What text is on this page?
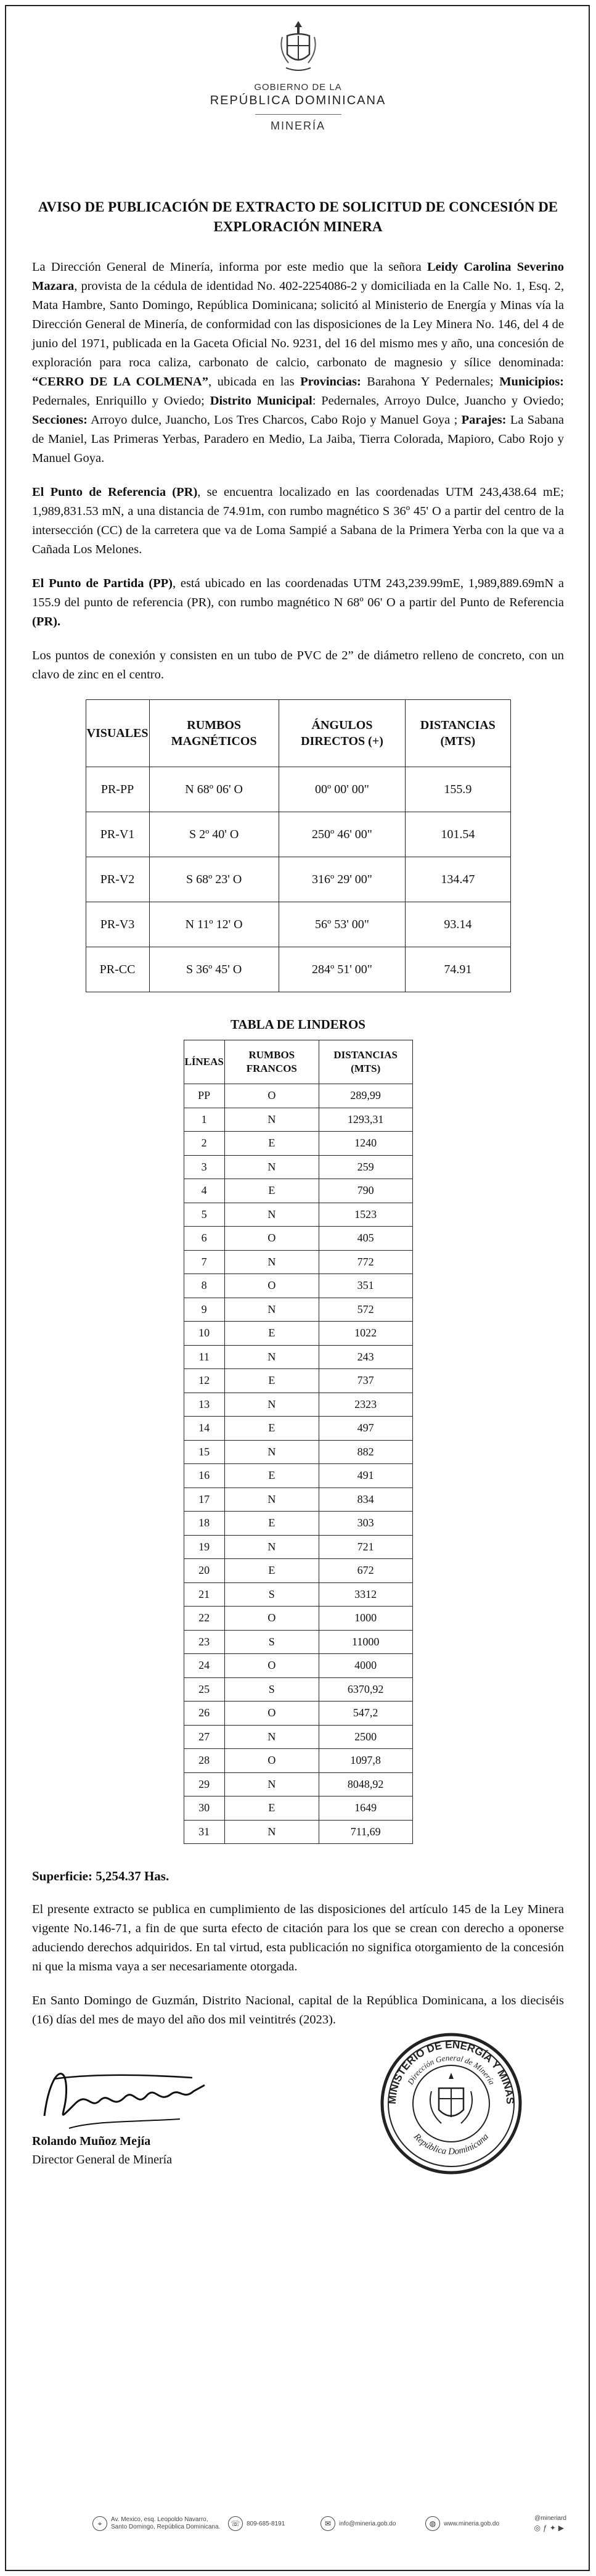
GOBIERNO DE LA
REPÚBLICA DOMINICANA
MINERÍA
AVISO DE PUBLICACIÓN DE EXTRACTO DE SOLICITUD DE CONCESIÓN DE EXPLORACIÓN MINERA

La Dirección General de Minería, informa por este medio que la señora Leidy Carolina Severino Mazara, provista de la cédula de identidad No. 402-2254086-2 y domiciliada en la Calle No. 1, Esq. 2, Mata Hambre, Santo Domingo, República Dominicana; solicitó al Ministerio de Energía y Minas vía la Dirección General de Minería, de conformidad con las disposiciones de la Ley Minera No. 146, del 4 de junio del 1971, publicada en la Gaceta Oficial No. 9231, del 16 del mismo mes y año, una concesión de exploración para roca caliza, carbonato de calcio, carbonato de magnesio y sílice denominada: “CERRO DE LA COLMENA”, ubicada en las Provincias: Barahona Y Pedernales; Municipios: Pedernales, Enriquillo y Oviedo; Distrito Municipal: Pedernales, Arroyo Dulce, Juancho y Oviedo; Secciones: Arroyo dulce, Juancho, Los Tres Charcos, Cabo Rojo y Manuel Goya ; Parajes: La Sabana de Maniel, Las Primeras Yerbas, Paradero en Medio, La Jaiba, Tierra Colorada, Mapioro, Cabo Rojo y Manuel Goya.

El Punto de Referencia (PR), se encuentra localizado en las coordenadas UTM 243,438.64 mE; 1,989,831.53 mN, a una distancia de 74.91m, con rumbo magnético S 36º 45' O a partir del centro de la intersección (CC) de la carretera que va de Loma Sampié a Sabana de la Primera Yerba con la que va a Cañada Los Melones.

El Punto de Partida (PP), está ubicado en las coordenadas UTM 243,239.99mE, 1,989,889.69mN a 155.9 del punto de referencia (PR), con rumbo magnético N 68º 06' O a partir del Punto de Referencia (PR).

Los puntos de conexión y consisten en un tubo de PVC de 2” de diámetro relleno de concreto, con un clavo de zinc en el centro.

VISUALES	RUMBOS MAGNÉTICOS	ÁNGULOS DIRECTOS (+)	DISTANCIAS (MTS)
PR-PP	N 68º 06' O	00º 00' 00"	155.9
PR-V1	S 2º 40' O	250º 46' 00"	101.54
PR-V2	S 68º 23' O	316º 29' 00"	134.47
PR-V3	N 11º 12' O	56º 53' 00"	93.14
PR-CC	S 36º 45' O	284º 51' 00"	74.91
TABLA DE LINDEROS
LÍNEAS	RUMBOS FRANCOS	DISTANCIAS (MTS)
PP	O	289,99
1	N	1293,31
2	E	1240
3	N	259
4	E	790
5	N	1523
6	O	405
7	N	772
8	O	351
9	N	572
10	E	1022
11	N	243
12	E	737
13	N	2323
14	E	497
15	N	882
16	E	491
17	N	834
18	E	303
19	N	721
20	E	672
21	S	3312
22	O	1000
23	S	11000
24	O	4000
25	S	6370,92
26	O	547,2
27	N	2500
28	O	1097,8
29	N	8048,92
30	E	1649
31	N	711,69
Superficie: 5,254.37 Has.

El presente extracto se publica en cumplimiento de las disposiciones del artículo 145 de la Ley Minera vigente No.146-71, a fin de que surta efecto de citación para los que se crean con derecho a oponerse aduciendo derechos adquiridos. En tal virtud, esta publicación no significa otorgamiento de la concesión ni que la misma vaya a ser necesariamente otorgada.

En Santo Domingo de Guzmán, Distrito Nacional, capital de la República Dominicana, a los dieciséis (16) días del mes de mayo del año dos mil veintitrés (2023).

MINISTERIO DE ENERGÍA Y MINAS
Dirección General de Minería
República Dominicana
Rolando Muñoz Mejía
Director General de Minería
⌖	Av. Mexico, esq. Leopoldo Navarro,
Santo Domingo, República Dominicana.	☏	809-685-8191	✉	info@mineria.gob.do	◍	www.mineria.gob.do
@mineriard
◎ƒ✦▶
